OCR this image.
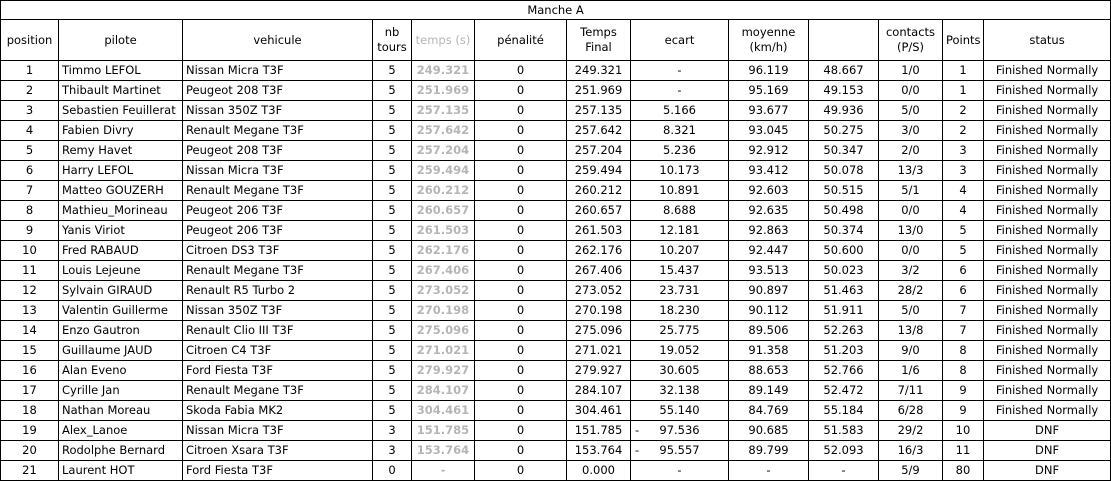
Manche A												
position	pilote	vehicule	nb tours	temps (s)	pénalité	Temps Final	ecart	moyenne (km/h)		contacts (P/S)	Points	status
1	Timmo LEFOL	Nissan Micra T3F	5	249.321	0	249.321	-	96.119	48.667	1/0	1	Finished Normally
2	Thibault Martinet	Peugeot 208 T3F	5	251.969	0	251.969	-	95.169	49.153	0/0	1	Finished Normally
3	Sebastien Feuillerat	Nissan 350Z T3F	5	257.135	0	257.135	5.166	93.677	49.936	5/0	2	Finished Normally
4	Fabien Divry	Renault Megane T3F	5	257.642	0	257.642	8.321	93.045	50.275	3/0	2	Finished Normally
5	Remy Havet	Peugeot 208 T3F	5	257.204	0	257.204	5.236	92.912	50.347	2/0	3	Finished Normally
6	Harry LEFOL	Nissan Micra T3F	5	259.494	0	259.494	10.173	93.412	50.078	13/3	3	Finished Normally
7	Matteo GOUZERH	Renault Megane T3F	5	260.212	0	260.212	10.891	92.603	50.515	5/1	4	Finished Normally
8	Mathieu_Morineau	Peugeot 206 T3F	5	260.657	0	260.657	8.688	92.635	50.498	0/0	4	Finished Normally
9	Yanis Viriot	Peugeot 206 T3F	5	261.503	0	261.503	12.181	92.863	50.374	13/0	5	Finished Normally
10	Fred RABAUD	Citroen DS3 T3F	5	262.176	0	262.176	10.207	92.447	50.600	0/0	5	Finished Normally
11	Louis Lejeune	Renault Megane T3F	5	267.406	0	267.406	15.437	93.513	50.023	3/2	6	Finished Normally
12	Sylvain GIRAUD	Renault R5 Turbo 2	5	273.052	0	273.052	23.731	90.897	51.463	28/2	6	Finished Normally
13	Valentin Guillerme	Nissan 350Z T3F	5	270.198	0	270.198	18.230	90.112	51.911	5/0	7	Finished Normally
14	Enzo Gautron	Renault Clio III T3F	5	275.096	0	275.096	25.775	89.506	52.263	13/8	7	Finished Normally
15	Guillaume JAUD	Citroen C4 T3F	5	271.021	0	271.021	19.052	91.358	51.203	9/0	8	Finished Normally
16	Alan Eveno	Ford Fiesta T3F	5	279.927	0	279.927	30.605	88.653	52.766	1/6	8	Finished Normally
17	Cyrille Jan	Renault Megane T3F	5	284.107	0	284.107	32.138	89.149	52.472	7/11	9	Finished Normally
18	Nathan Moreau	Skoda Fabia MK2	5	304.461	0	304.461	55.140	84.769	55.184	6/28	9	Finished Normally
19	Alex_Lanoe	Nissan Micra T3F	3	151.785	0	151.785	- 97.536	90.685	51.583	29/2	10	DNF
20	Rodolphe Bernard	Citroen Xsara T3F	3	153.764	0	153.764	- 95.557	89.799	52.093	16/3	11	DNF
21	Laurent HOT	Ford Fiesta T3F	0	-	0	0.000	-	-	-	5/9	80	DNF
